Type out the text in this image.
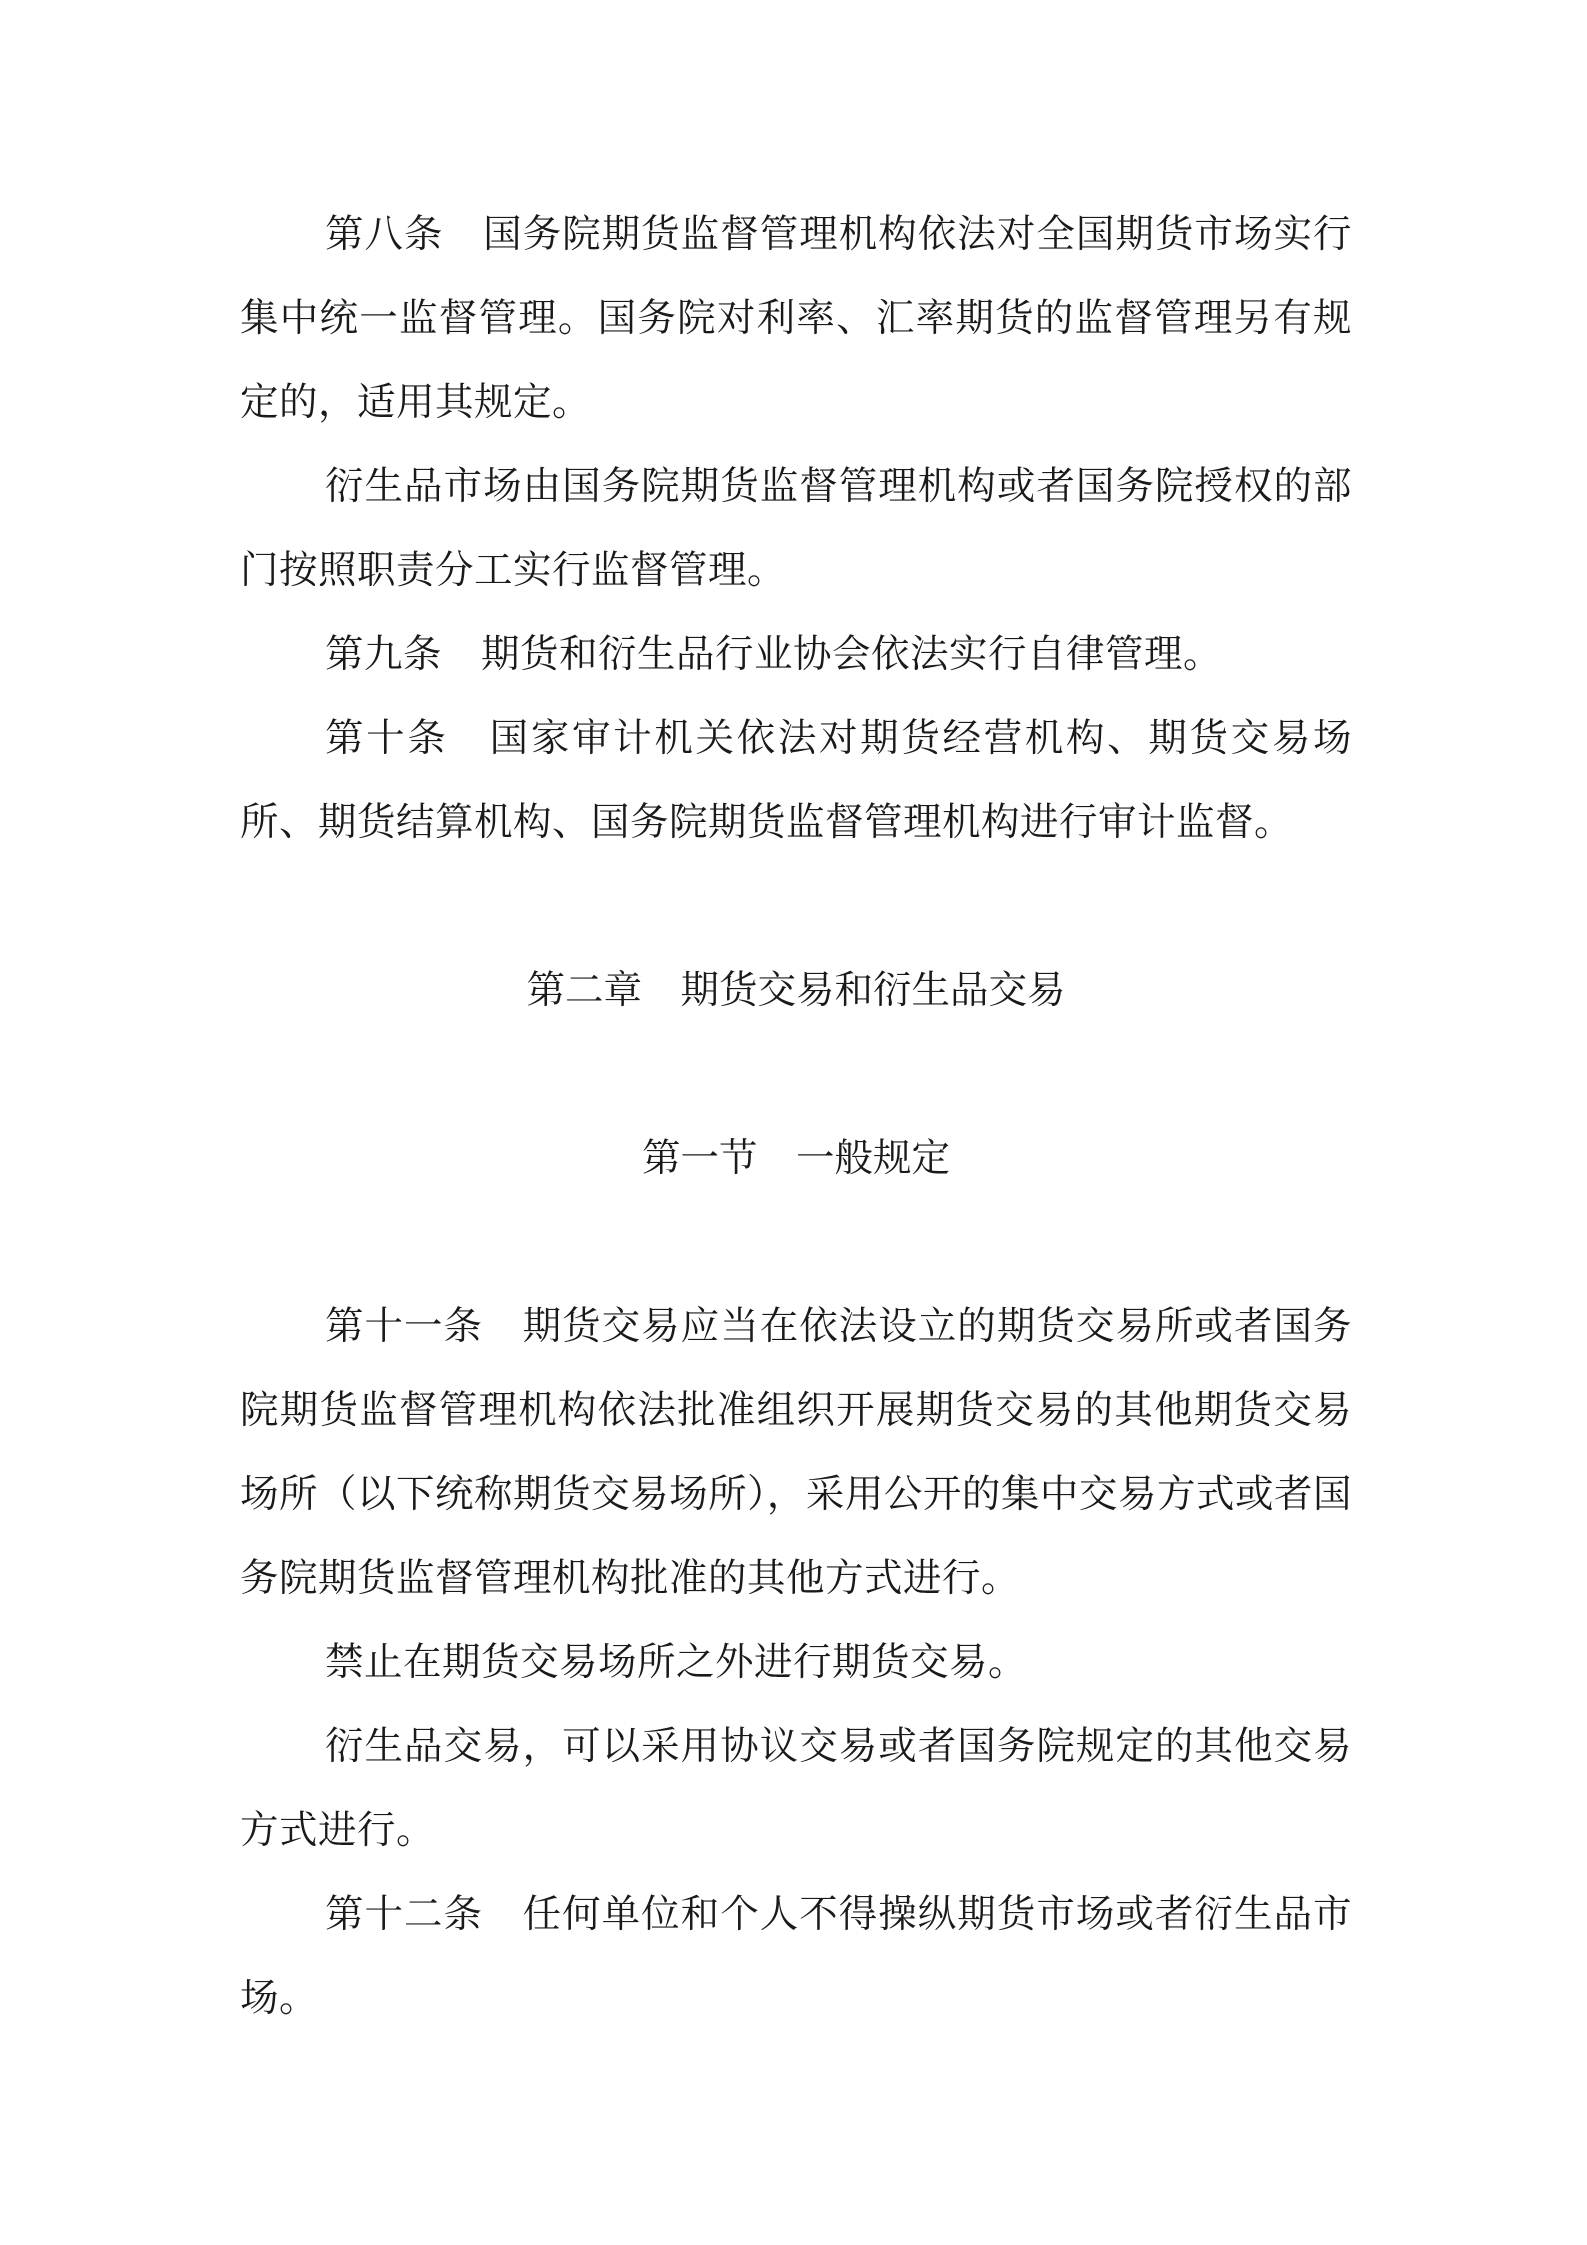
第八条　国务院期货监督管理机构依法对全国期货市场实行集中统一监督管理。国务院对利率、汇率期货的监督管理另有规定的，适用其规定。

衍生品市场由国务院期货监督管理机构或者国务院授权的部门按照职责分工实行监督管理。

第九条　期货和衍生品行业协会依法实行自律管理。

第十条　国家审计机关依法对期货经营机构、期货交易场所、期货结算机构、国务院期货监督管理机构进行审计监督。

第二章　期货交易和衍生品交易

第一节　一般规定

第十一条　期货交易应当在依法设立的期货交易所或者国务院期货监督管理机构依法批准组织开展期货交易的其他期货交易场所（以下统称期货交易场所），采用公开的集中交易方式或者国务院期货监督管理机构批准的其他方式进行。

禁止在期货交易场所之外进行期货交易。

衍生品交易，可以采用协议交易或者国务院规定的其他交易方式进行。

第十二条　任何单位和个人不得操纵期货市场或者衍生品市场。
